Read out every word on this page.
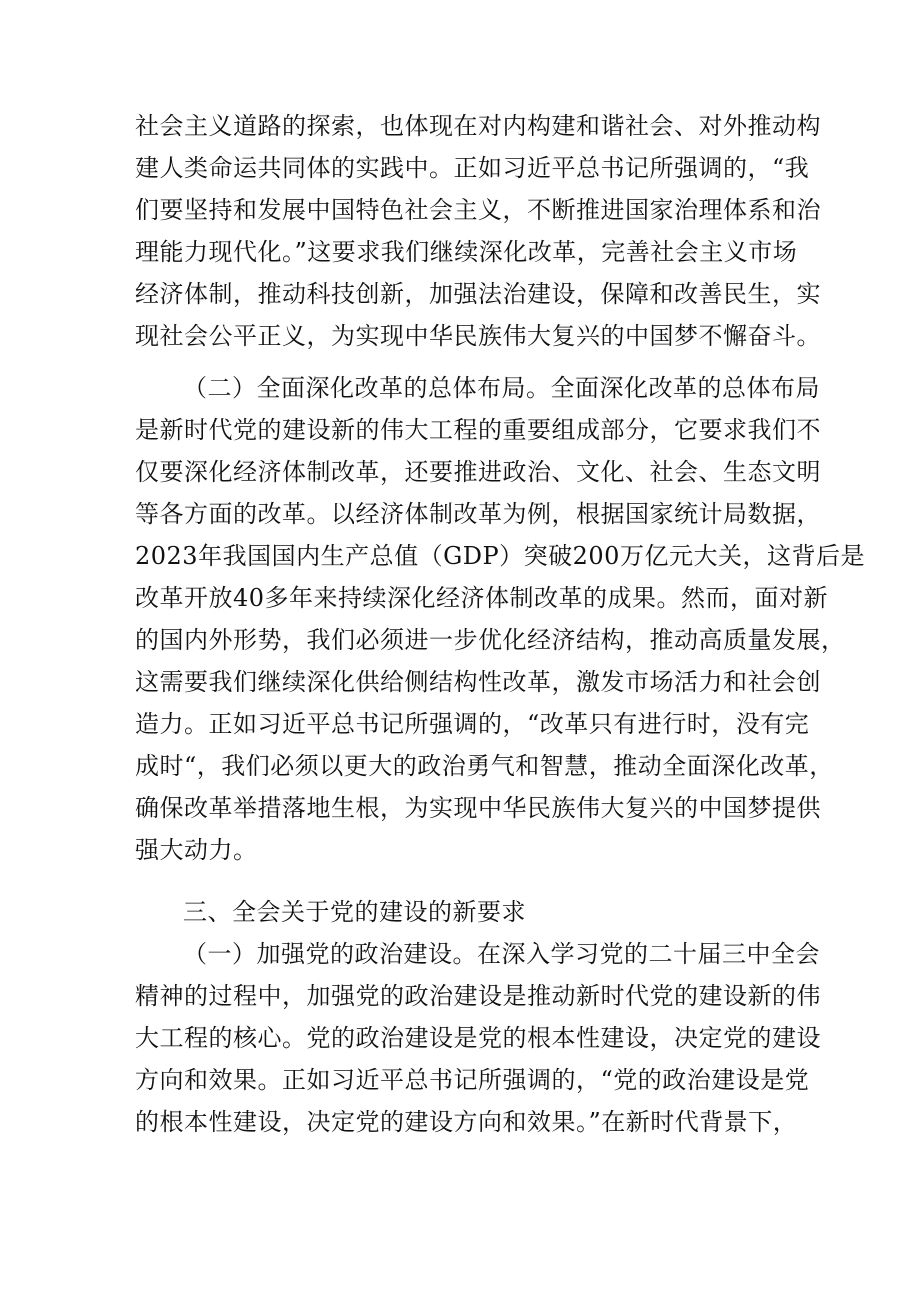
社会主义道路的探索，也体现在对内构建和谐社会、对外推动构
建人类命运共同体的实践中。正如习近平总书记所强调的，“我
们要坚持和发展中国特色社会主义，不断推进国家治理体系和治
理能力现代化。”这要求我们继续深化改革，完善社会主义市场
经济体制，推动科技创新，加强法治建设，保障和改善民生，实
现社会公平正义，为实现中华民族伟大复兴的中国梦不懈奋斗。
（二）全面深化改革的总体布局。全面深化改革的总体布局
是新时代党的建设新的伟大工程的重要组成部分，它要求我们不
仅要深化经济体制改革，还要推进政治、文化、社会、生态文明
等各方面的改革。以经济体制改革为例，根据国家统计局数据，
2023年我国国内生产总值（GDP）突破200万亿元大关，这背后是
改革开放40多年来持续深化经济体制改革的成果。然而，面对新
的国内外形势，我们必须进一步优化经济结构，推动高质量发展，
这需要我们继续深化供给侧结构性改革，激发市场活力和社会创
造力。正如习近平总书记所强调的，“改革只有进行时，没有完
成时“，我们必须以更大的政治勇气和智慧，推动全面深化改革，
确保改革举措落地生根，为实现中华民族伟大复兴的中国梦提供
强大动力。
三、全会关于党的建设的新要求
（一）加强党的政治建设。在深入学习党的二十届三中全会
精神的过程中，加强党的政治建设是推动新时代党的建设新的伟
大工程的核心。党的政治建设是党的根本性建设，决定党的建设
方向和效果。正如习近平总书记所强调的，“党的政治建设是党
的根本性建设，决定党的建设方向和效果。”在新时代背景下，
